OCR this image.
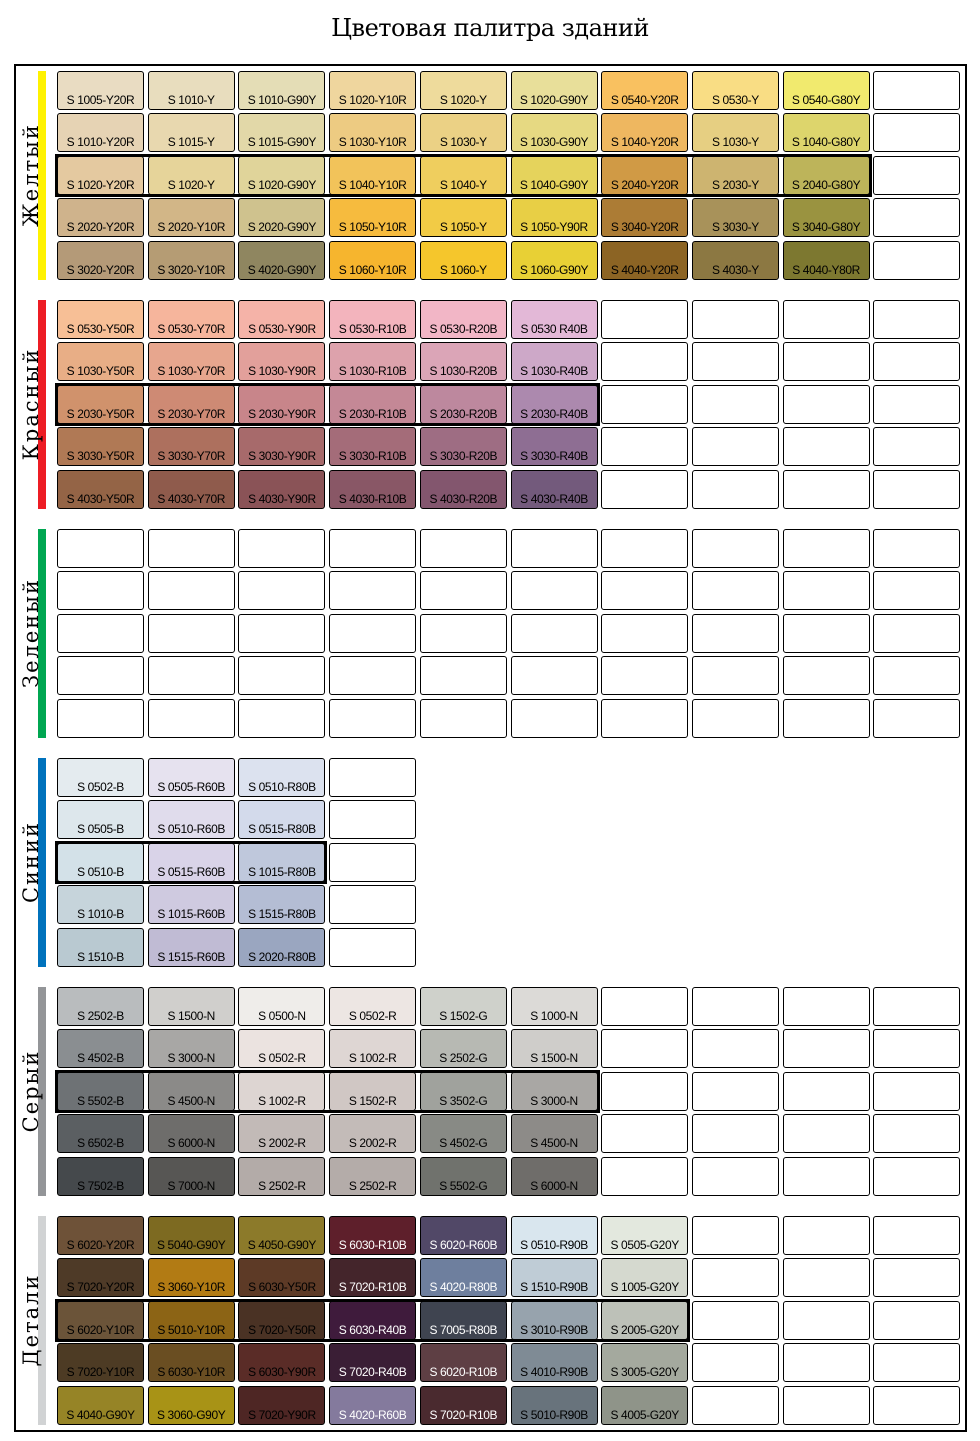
Цветовая палитра зданий
Желтый
S 1005-Y20R	S 1010-Y	S 1010-G90Y	S 1020-Y10R	S 1020-Y	S 1020-G90Y	S 0540-Y20R	S 0530-Y	S 0540-G80Y
S 1010-Y20R	S 1015-Y	S 1015-G90Y	S 1030-Y10R	S 1030-Y	S 1030-G90Y	S 1040-Y20R	S 1030-Y	S 1040-G80Y
S 1020-Y20R	S 1020-Y	S 1020-G90Y	S 1040-Y10R	S 1040-Y	S 1040-G90Y	S 2040-Y20R	S 2030-Y	S 2040-G80Y
S 2020-Y20R	S 2020-Y10R	S 2020-G90Y	S 1050-Y10R	S 1050-Y	S 1050-Y90R	S 3040-Y20R	S 3030-Y	S 3040-G80Y
S 3020-Y20R	S 3020-Y10R	S 4020-G90Y	S 1060-Y10R	S 1060-Y	S 1060-G90Y	S 4040-Y20R	S 4030-Y	S 4040-Y80R
Красный
S 0530-Y50R	S 0530-Y70R	S 0530-Y90R	S 0530-R10B	S 0530-R20B	S 0530 R40B
S 1030-Y50R	S 1030-Y70R	S 1030-Y90R	S 1030-R10B	S 1030-R20B	S 1030-R40B
S 2030-Y50R	S 2030-Y70R	S 2030-Y90R	S 2030-R10B	S 2030-R20B	S 2030-R40B
S 3030-Y50R	S 3030-Y70R	S 3030-Y90R	S 3030-R10B	S 3030-R20B	S 3030-R40B
S 4030-Y50R	S 4030-Y70R	S 4030-Y90R	S 4030-R10B	S 4030-R20B	S 4030-R40B
Зеленый
Синий
S 0502-B	S 0505-R60B	S 0510-R80B
S 0505-B	S 0510-R60B	S 0515-R80B
S 0510-B	S 0515-R60B	S 1015-R80B
S 1010-B	S 1015-R60B	S 1515-R80B
S 1510-B	S 1515-R60B	S 2020-R80B
Серый
S 2502-B	S 1500-N	S 0500-N	S 0502-R	S 1502-G	S 1000-N
S 4502-B	S 3000-N	S 0502-R	S 1002-R	S 2502-G	S 1500-N
S 5502-B	S 4500-N	S 1002-R	S 1502-R	S 3502-G	S 3000-N
S 6502-B	S 6000-N	S 2002-R	S 2002-R	S 4502-G	S 4500-N
S 7502-B	S 7000-N	S 2502-R	S 2502-R	S 5502-G	S 6000-N
Детали
S 6020-Y20R	S 5040-G90Y	S 4050-G90Y	S 6030-R10B	S 6020-R60B	S 0510-R90B	S 0505-G20Y
S 7020-Y20R	S 3060-Y10R	S 6030-Y50R	S 7020-R10B	S 4020-R80B	S 1510-R90B	S 1005-G20Y
S 6020-Y10R	S 5010-Y10R	S 7020-Y50R	S 6030-R40B	S 7005-R80B	S 3010-R90B	S 2005-G20Y
S 7020-Y10R	S 6030-Y10R	S 6030-Y90R	S 7020-R40B	S 6020-R10B	S 4010-R90B	S 3005-G20Y
S 4040-G90Y	S 3060-G90Y	S 7020-Y90R	S 4020-R60B	S 7020-R10B	S 5010-R90B	S 4005-G20Y
